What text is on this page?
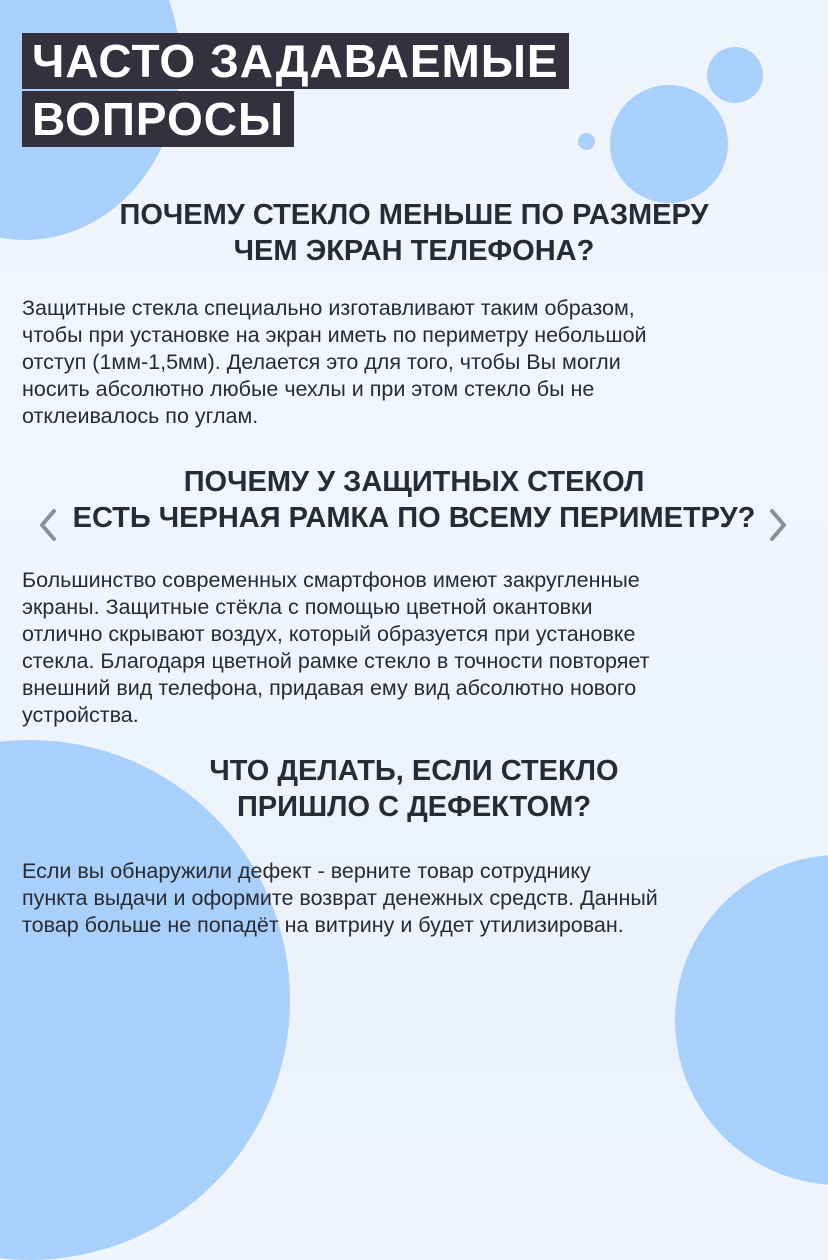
ЧАСТО ЗАДАВАЕМЫЕ
ВОПРОСЫ
ПОЧЕМУ СТЕКЛО МЕНЬШЕ ПО РАЗМЕРУ
ЧЕМ ЭКРАН ТЕЛЕФОНА?
Защитные стекла специально изготавливают таким образом,
чтобы при установке на экран иметь по периметру небольшой
отступ (1мм-1,5мм). Делается это для того, чтобы Вы могли
носить абсолютно любые чехлы и при этом стекло бы не
отклеивалось по углам.
ПОЧЕМУ У ЗАЩИТНЫХ СТЕКОЛ
ЕСТЬ ЧЕРНАЯ РАМКА ПО ВСЕМУ ПЕРИМЕТРУ?
Большинство современных смартфонов имеют закругленные
экраны. Защитные стёкла с помощью цветной окантовки
отлично скрывают воздух, который образуется при установке
стекла. Благодаря цветной рамке стекло в точности повторяет
внешний вид телефона, придавая ему вид абсолютно нового
устройства.
ЧТО ДЕЛАТЬ, ЕСЛИ СТЕКЛО
ПРИШЛО С ДЕФЕКТОМ?
Если вы обнаружили дефект - верните товар сотруднику
пункта выдачи и оформите возврат денежных средств. Данный
товар больше не попадёт на витрину и будет утилизирован.
